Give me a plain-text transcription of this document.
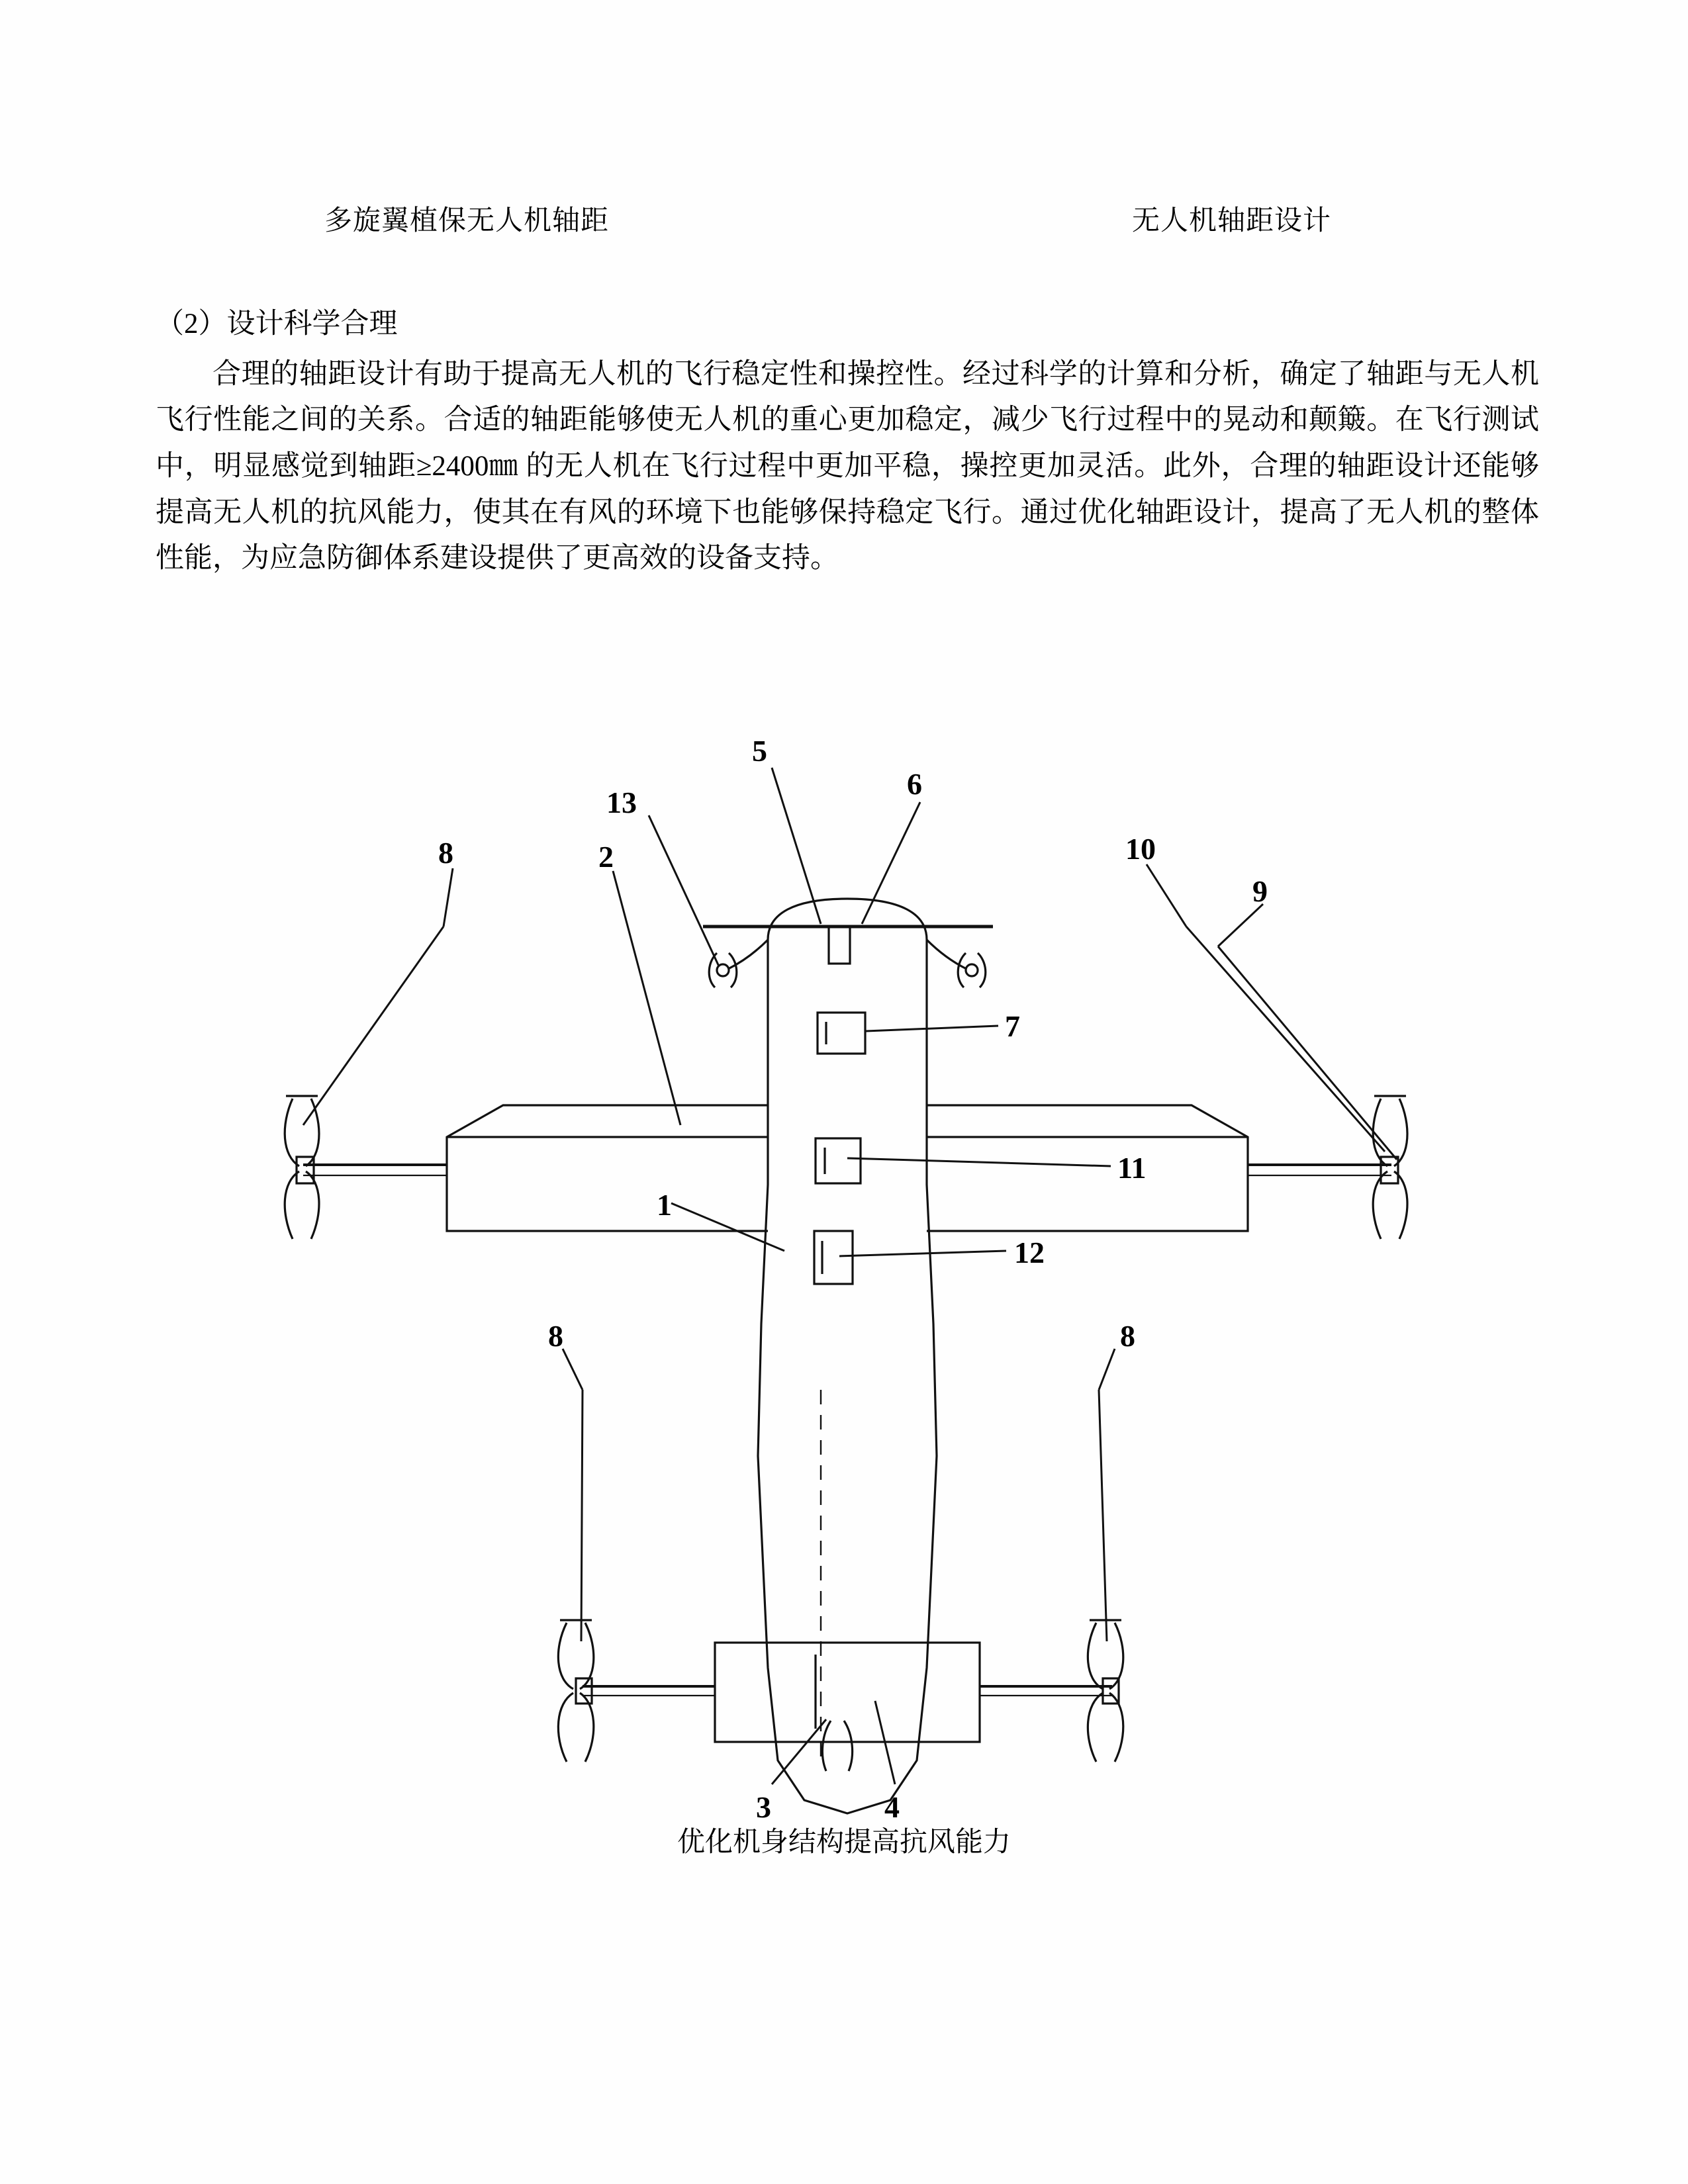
多旋翼植保无人机轴距	无人机轴距设计

（2）设计科学合理

合理的轴距设计有助于提高无人机的飞行稳定性和操控性。经过科学的计算和分析，确定了轴距与无人机飞行性能之间的关系。合适的轴距能够使无人机的重心更加稳定，减少飞行过程中的晃动和颠簸。在飞行测试中，明显感觉到轴距≥2400㎜ 的无人机在飞行过程中更加平稳，操控更加灵活。此外，合理的轴距设计还能够提高无人机的抗风能力，使其在有风的环境下也能够保持稳定飞行。通过优化轴距设计，提高了无人机的整体性能，为应急防御体系建设提供了更高效的设备支持。

5
6
13
8	2	10
9
7
11
12
1
8	8
3	4
优化机身结构提高抗风能力
